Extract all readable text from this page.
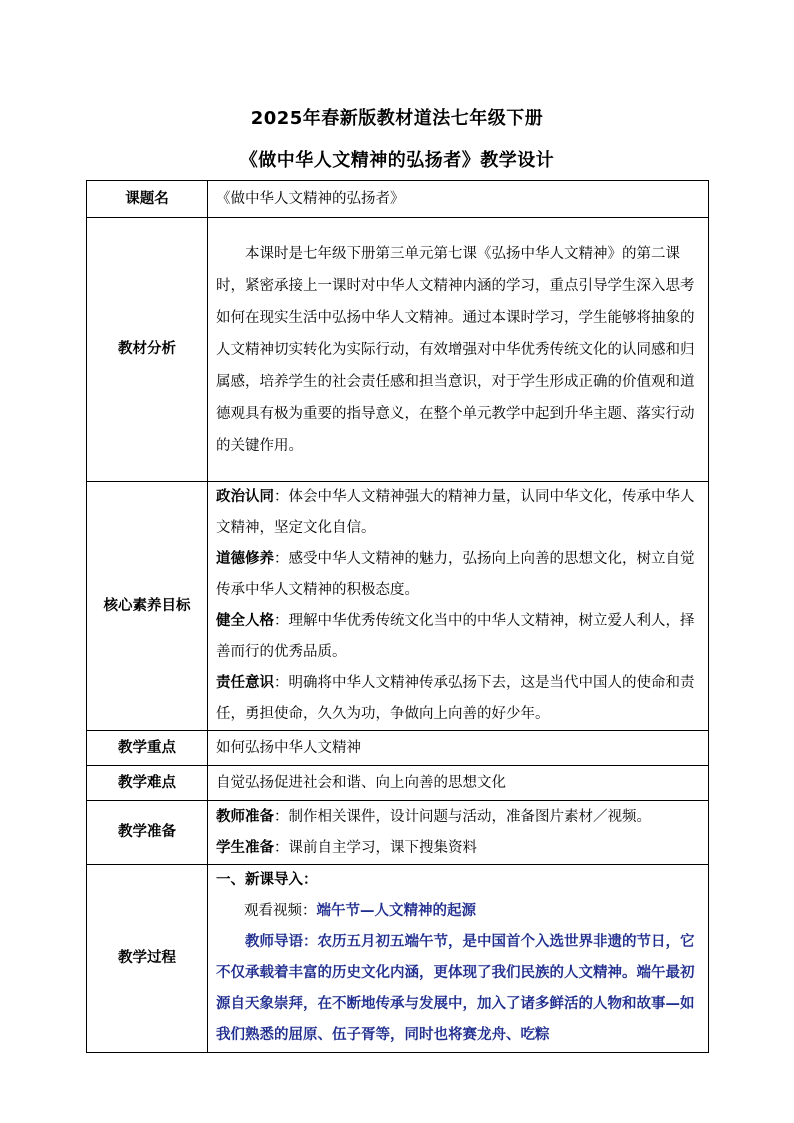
2025年春新版教材道法七年级下册
《做中华人文精神的弘扬者》教学设计
课题名	《做中华人文精神的弘扬者》
教材分析	本课时是七年级下册第三单元第七课《弘扬中华人文精神》的第二课时，紧密承接上一课时对中华人文精神内涵的学习，重点引导学生深入思考如何在现实生活中弘扬中华人文精神。通过本课时学习，学生能够将抽象的人文精神切实转化为实际行动，有效增强对中华优秀传统文化的认同感和归属感，培养学生的社会责任感和担当意识，对于学生形成正确的价值观和道德观具有极为重要的指导意义，在整个单元教学中起到升华主题、落实行动的关键作用。
核心素养目标	政治认同：体会中华人文精神强大的精神力量，认同中华文化，传承中华人文精神，坚定文化自信。
道德修养：感受中华人文精神的魅力，弘扬向上向善的思想文化，树立自觉传承中华人文精神的积极态度。
健全人格：理解中华优秀传统文化当中的中华人文精神，树立爱人利人，择善而行的优秀品质。
责任意识：明确将中华人文精神传承弘扬下去，这是当代中国人的使命和责任，勇担使命，久久为功，争做向上向善的好少年。

教学重点	如何弘扬中华人文精神
教学难点	自觉弘扬促进社会和谐、向上向善的思想文化
教学准备	教师准备：制作相关课件，设计问题与活动，准备图片素材／视频。
学生准备：课前自主学习，课下搜集资料

教学过程	一、新课导入：
观看视频：端午节—人文精神的起源
教师导语：农历五月初五端午节，是中国首个入选世界非遗的节日，它不仅承载着丰富的历史文化内涵，更体现了我们民族的人文精神。端午最初源自天象崇拜，在不断地传承与发展中，加入了诸多鲜活的人物和故事—如我们熟悉的屈原、伍子胥等，同时也将赛龙舟、吃粽
